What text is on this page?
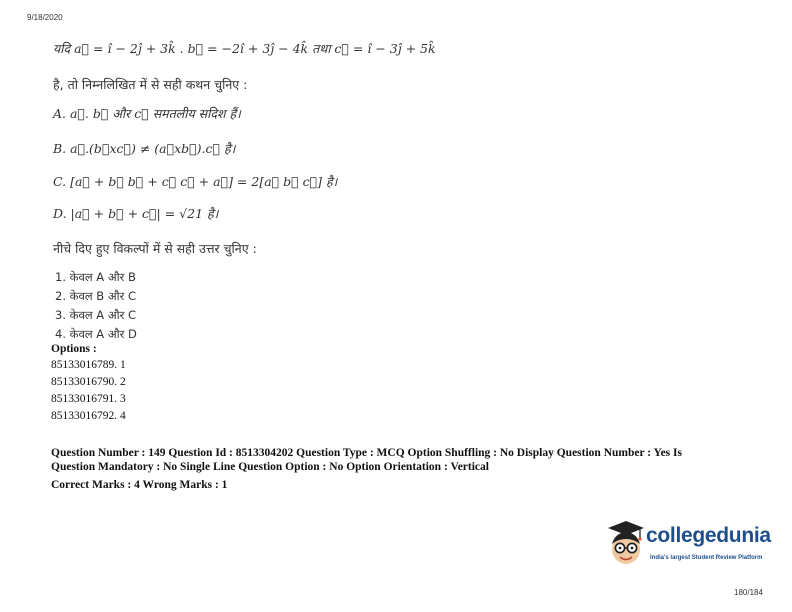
9/18/2020
यदि a⃗ = î − 2ĵ + 3k̂ . b⃗ = −2î + 3ĵ − 4k̂ तथा c⃗ = î − 3ĵ + 5k̂
है, तो निम्नलिखित में से सही कथन चुनिए :
A. a⃗. b⃗ और c⃗ समतलीय सदिश हैं।
B. a⃗.(b⃗xc⃗) ≠ (a⃗xb⃗).c⃗ है।
C. [a⃗ + b⃗ b⃗ + c⃗ c⃗ + a⃗] = 2[a⃗ b⃗ c⃗] है।
D. |a⃗ + b⃗ + c⃗| = √21 है।
नीचे दिए हुए विकल्पों में से सही उत्तर चुनिए :
1. केवल A और B
2. केवल B और C
3. केवल A और C
4. केवल A और D
Options :
85133016789. 1
85133016790. 2
85133016791. 3
85133016792. 4
Question Number : 149 Question Id : 8513304202 Question Type : MCQ Option Shuffling : No Display Question Number : Yes Is
Question Mandatory : No Single Line Question Option : No Option Orientation : Vertical
Correct Marks : 4 Wrong Marks : 1
collegedunia
India's largest Student Review Platform
180/184
